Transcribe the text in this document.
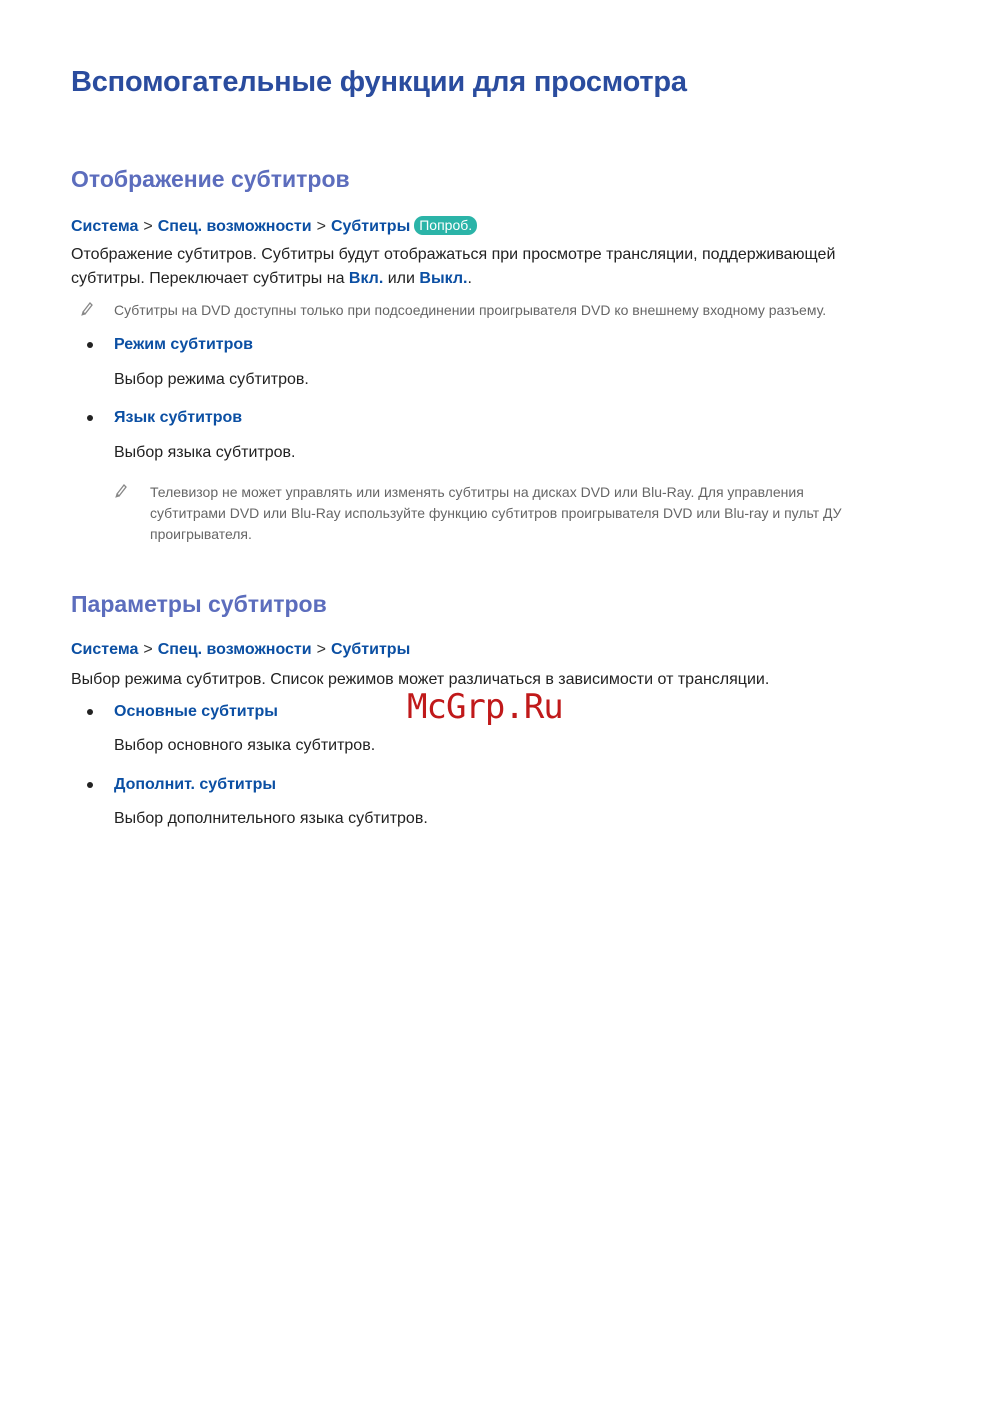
Вспомогательные функции для просмотра
Отображение субтитров
Система > Спец. возможности > Субтитры Попроб.
Отображение субтитров. Субтитры будут отображаться при просмотре трансляции, поддерживающей
субтитры. Переключает субтитры на Вкл. или Выкл..
Субтитры на DVD доступны только при подсоединении проигрывателя DVD ко внешнему входному разъему.
Режим субтитров
Выбор режима субтитров.
Язык субтитров
Выбор языка субтитров.
Телевизор не может управлять или изменять субтитры на дисках DVD или Blu-Ray. Для управления
субтитрами DVD или Blu-Ray используйте функцию субтитров проигрывателя DVD или Blu-ray и пульт ДУ
проигрывателя.
Параметры субтитров
Система > Спец. возможности > Субтитры
Выбор режима субтитров. Список режимов может различаться в зависимости от трансляции.
Основные субтитры
Выбор основного языка субтитров.
Дополнит. субтитры
Выбор дополнительного языка субтитров.
McGrp.Ru
